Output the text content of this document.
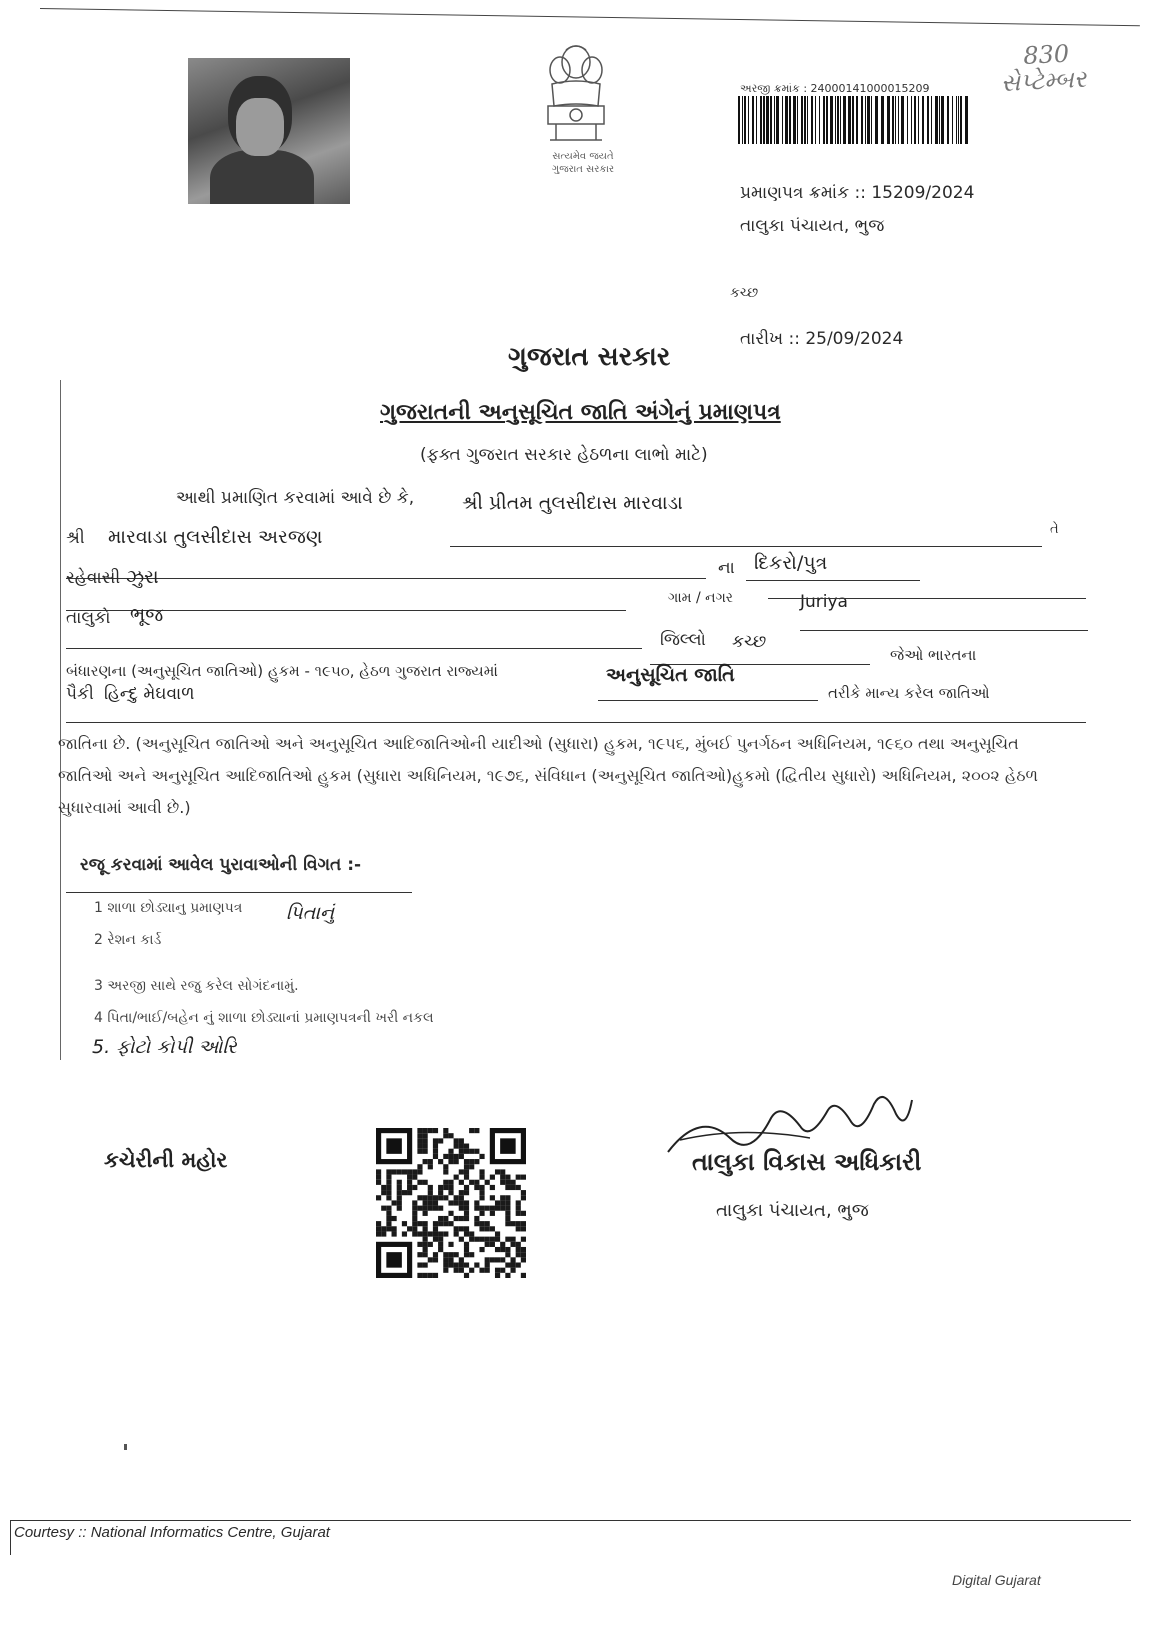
સત્યમેવ જયતે
ગુજરાત સરકાર
અરજી ક્રમાંક : 24000141000015209
830
સેપ્ટેમ્બર
પ્રમાણપત્ર ક્રમાંક :: 15209/2024
તાલુકા પંચાયત, ભુજ
કચ્છ
તારીખ :: 25/09/2024
ગુજરાત સરકાર
ગુજરાતની અનુસૂચિત જાતિ અંગેનું પ્રમાણપત્ર
(ફક્ત ગુજરાત સરકાર હેઠળના લાભો માટે)
આથી પ્રમાણિત કરવામાં આવે છે કે,	શ્રી પ્રીતમ તુલસીદાસ મારવાડા
તે
શ્રી મારવાડા તુલસીદાસ અરજણ
ના દિકરો/પુત્ર
રહેવાસી ઝુરા
ગામ / નગર	Juriya
તાલુકો ભૂજ
જિલ્લો કચ્છ
જેઓ ભારતના
બંધારણના (અનુસૂચિત જાતિઓ) હુકમ - ૧૯૫૦, હેઠળ ગુજરાત રાજ્યમાં	અનુસૂચિત જાતિ
તરીકે માન્ય કરેલ જાતિઓ
પૈકી હિન્દુ મેઘવાળ
જાતિના છે. (અનુસૂચિત જાતિઓ અને અનુસૂચિત આદિજાતિઓની યાદીઓ (સુધારા) હુકમ, ૧૯૫૬, મુંબઈ પુનર્ગઠન અધિનિયમ, ૧૯૬૦ તથા અનુસૂચિત જાતિઓ અને અનુસૂચિત આદિજાતિઓ હુકમ (સુધારા અધિનિયમ, ૧૯૭૬, સંવિધાન (અનુસૂચિત જાતિઓ)હુકમો (દ્વિતીય સુધારો) અધિનિયમ, ૨૦૦૨ હેઠળ સુધારવામાં આવી છે.)
રજૂ કરવામાં આવેલ પુરાવાઓની વિગત :-
1 શાળા છોડ્યાનુ પ્રમાણપત્ર પિતાનું
2 રેશન કાર્ડ
3 અરજી સાથે રજુ કરેલ સોગંદનામું.
4 પિતા/ભાઈ/બહેન નું શાળા છોડ્યાનાં પ્રમાણપત્રની ખરી નકલ
5. ફોટો કોપી ઓરિ
કચેરીની મહોર	તાલુકા વિકાસ અધિકારી
તાલુકા પંચાયત, ભુજ
Courtesy :: National Informatics Centre, Gujarat
Digital Gujarat
